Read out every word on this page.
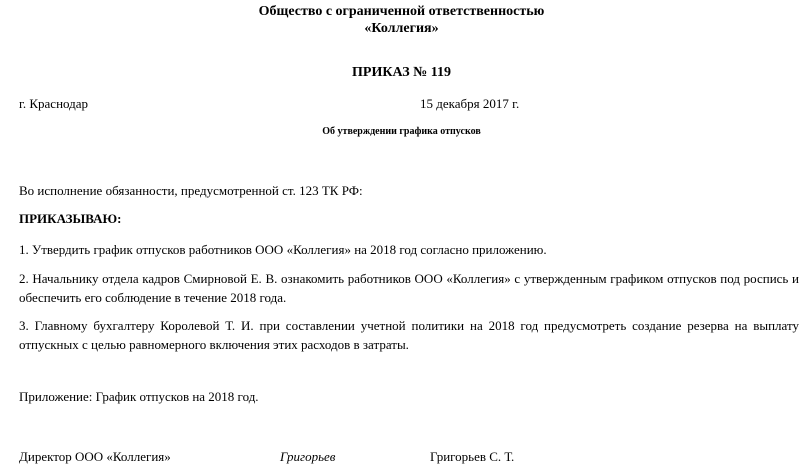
Общество с ограниченной ответственностью
«Коллегия»
ПРИКАЗ № 119
г. Краснодар	15 декабря 2017 г.
Об утверждении графика отпусков
Во исполнение обязанности, предусмотренной ст. 123 ТК РФ:
ПРИКАЗЫВАЮ:
1. Утвердить график отпусков работников ООО «Коллегия» на 2018 год согласно приложению.
2. Начальнику отдела кадров Смирновой Е. В. ознакомить работников ООО «Коллегия» с утвержденным графиком отпусков под роспись и обеспечить его соблюдение в течение 2018 года.
3. Главному бухгалтеру Королевой Т. И. при составлении учетной политики на 2018 год предусмотреть создание резерва на выплату отпускных с целью равномерного включения этих расходов в затраты.
Приложение: График отпусков на 2018 год.
Директор ООО «Коллегия»	Григорьев	Григорьев С. Т.
